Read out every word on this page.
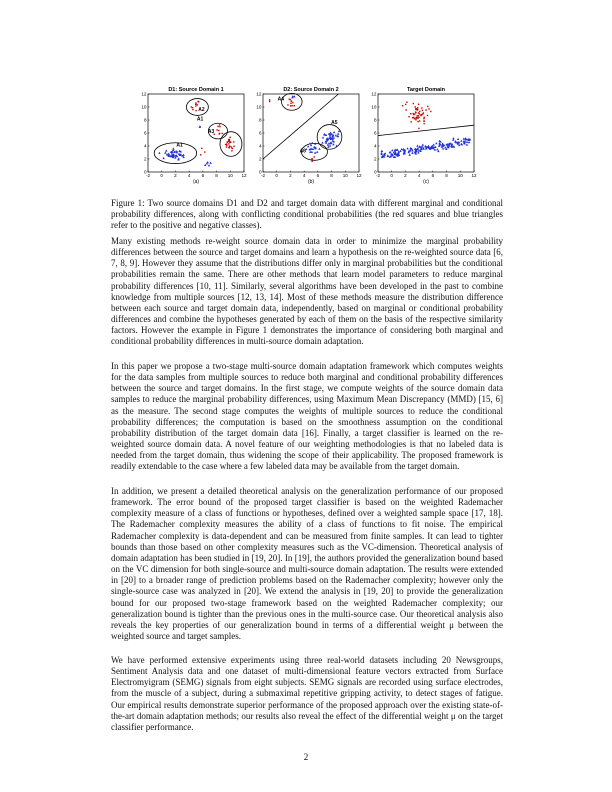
D1: Source Domain 1
-2 0 2 4 6 8 10 12
0
2
4
6
8
10
12
(a)
A1
A1
A2
A3
D2: Source Domain 2
-2 0 2 4 6 8 10 12
0
2
4
6
8
10
12
(b)
A4
A5
A6
Target Domain
-2 0 2 4 6 8 10 12
0
2
4
6
8
10
12
(c)
Figure 1: Two source domains D1 and D2 and target domain data with different marginal and conditional probability differences, along with conflicting conditional probabilities (the red squares and blue triangles refer to the positive and negative classes).

Many existing methods re-weight source domain data in order to minimize the marginal probability differences between the source and target domains and learn a hypothesis on the re-weighted source data [6, 7, 8, 9]. However they assume that the distributions differ only in marginal probabilities but the conditional probabilities remain the same. There are other methods that learn model parameters to reduce marginal probability differences [10, 11]. Similarly, several algorithms have been developed in the past to combine knowledge from multiple sources [12, 13, 14]. Most of these methods measure the distribution difference between each source and target domain data, independently, based on marginal or conditional probability differences and combine the hypotheses generated by each of them on the basis of the respective similarity factors. However the example in Figure 1 demonstrates the importance of considering both marginal and conditional probability differences in multi-source domain adaptation.

In this paper we propose a two-stage multi-source domain adaptation framework which computes weights for the data samples from multiple sources to reduce both marginal and conditional probability differences between the source and target domains. In the first stage, we compute weights of the source domain data samples to reduce the marginal probability differences, using Maximum Mean Discrepancy (MMD) [15, 6] as the measure. The second stage computes the weights of multiple sources to reduce the conditional probability differences; the computation is based on the smoothness assumption on the conditional probability distribution of the target domain data [16]. Finally, a target classifier is learned on the re-weighted source domain data. A novel feature of our weighting methodologies is that no labeled data is needed from the target domain, thus widening the scope of their applicability. The proposed framework is readily extendable to the case where a few labeled data may be available from the target domain.

In addition, we present a detailed theoretical analysis on the generalization performance of our proposed framework. The error bound of the proposed target classifier is based on the weighted Rademacher complexity measure of a class of functions or hypotheses, defined over a weighted sample space [17, 18]. The Rademacher complexity measures the ability of a class of functions to fit noise. The empirical Rademacher complexity is data-dependent and can be measured from finite samples. It can lead to tighter bounds than those based on other complexity measures such as the VC-dimension. Theoretical analysis of domain adaptation has been studied in [19, 20]. In [19], the authors provided the generalization bound based on the VC dimension for both single-source and multi-source domain adaptation. The results were extended in [20] to a broader range of prediction problems based on the Rademacher complexity; however only the single-source case was analyzed in [20]. We extend the analysis in [19, 20] to provide the generalization bound for our proposed two-stage framework based on the weighted Rademacher complexity; our generalization bound is tighter than the previous ones in the multi-source case. Our theoretical analysis also reveals the key properties of our generalization bound in terms of a differential weight μ between the weighted source and target samples.

We have performed extensive experiments using three real-world datasets including 20 Newsgroups, Sentiment Analysis data and one dataset of multi-dimensional feature vectors extracted from Surface Electromyigram (SEMG) signals from eight subjects. SEMG signals are recorded using surface electrodes, from the muscle of a subject, during a submaximal repetitive gripping activity, to detect stages of fatigue. Our empirical results demonstrate superior performance of the proposed approach over the existing state-of-the-art domain adaptation methods; our results also reveal the effect of the differential weight μ on the target classifier performance.

2
